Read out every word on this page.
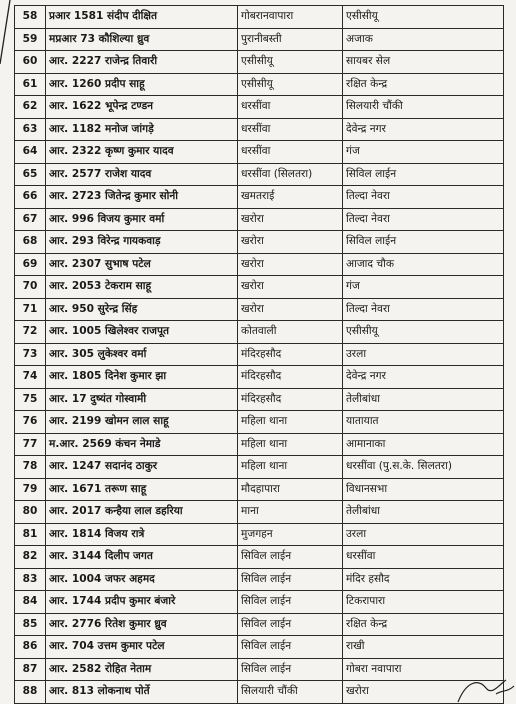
58	प्रआर 1581 संदीप दीक्षित	गोबरानवापारा	एसीसीयू
59	मप्रआर 73 कौशिल्या ध्रुव	पुरानीबस्ती	अजाक
60	आर. 2227 राजेन्द्र तिवारी	एसीसीयू	सायबर सेल
61	आर. 1260 प्रदीप साहू	एसीसीयू	रक्षित केन्द्र
62	आर. 1622 भूपेन्द्र टण्डन	धरसींवा	सिलयारी चौंकी
63	आर. 1182 मनोज जांगड़े	धरसींवा	देवेन्द्र नगर
64	आर. 2322 कृष्ण कुमार यादव	धरसींवा	गंज
65	आर. 2577 राजेश यादव	धरसींवा (सिलतरा)	सिविल लाईन
66	आर. 2723 जितेन्द्र कुमार सोनी	खमतराई	तिल्दा नेवरा
67	आर. 996 विजय कुमार वर्मा	खरोरा	तिल्दा नेवरा
68	आर. 293 विरेन्द्र गायकवाड़	खरोरा	सिविल लाईन
69	आर. 2307 सुभाष पटेल	खरोरा	आजाद चौक
70	आर. 2053 टेकराम साहू	खरोरा	गंज
71	आर. 950 सुरेन्द्र सिंह	खरोरा	तिल्दा नेवरा
72	आर. 1005 खिलेश्वर राजपूत	कोतवाली	एसीसीयू
73	आर. 305 लुकेश्वर वर्मा	मंदिरहसौद	उरला
74	आर. 1805 दिनेश कुमार झा	मंदिरहसौद	देवेन्द्र नगर
75	आर. 17 दुष्यंत गोस्वामी	मंदिरहसौद	तेलीबांधा
76	आर. 2199 खोमन लाल साहू	महिला थाना	यातायात
77	म.आर. 2569 कंचन नेमाडे	महिला थाना	आमानाका
78	आर. 1247 सदानंद ठाकुर	महिला थाना	धरसींवा (पु.स.के. सिलतरा)
79	आर. 1671 तरूण साहू	मौदहापारा	विधानसभा
80	आर. 2017 कन्हैया लाल डहरिया	माना	तेलीबांधा
81	आर. 1814 विजय रात्रे	मुजगहन	उरला
82	आर. 3144 दिलीप जगत	सिविल लाईन	धरसींवा
83	आर. 1004 जफर अहमद	सिविल लाईन	मंदिर हसौद
84	आर. 1744 प्रदीप कुमार बंजारे	सिविल लाईन	टिकरापारा
85	आर. 2776 रितेश कुमार ध्रुव	सिविल लाईन	रक्षित केन्द्र
86	आर. 704 उत्तम कुमार पटेल	सिविल लाईन	राखी
87	आर. 2582 रोहित नेताम	सिविल लाईन	गोबरा नवापारा
88	आर. 813 लोकनाथ पोर्ते	सिलयारी चौंकी	खरोरा
